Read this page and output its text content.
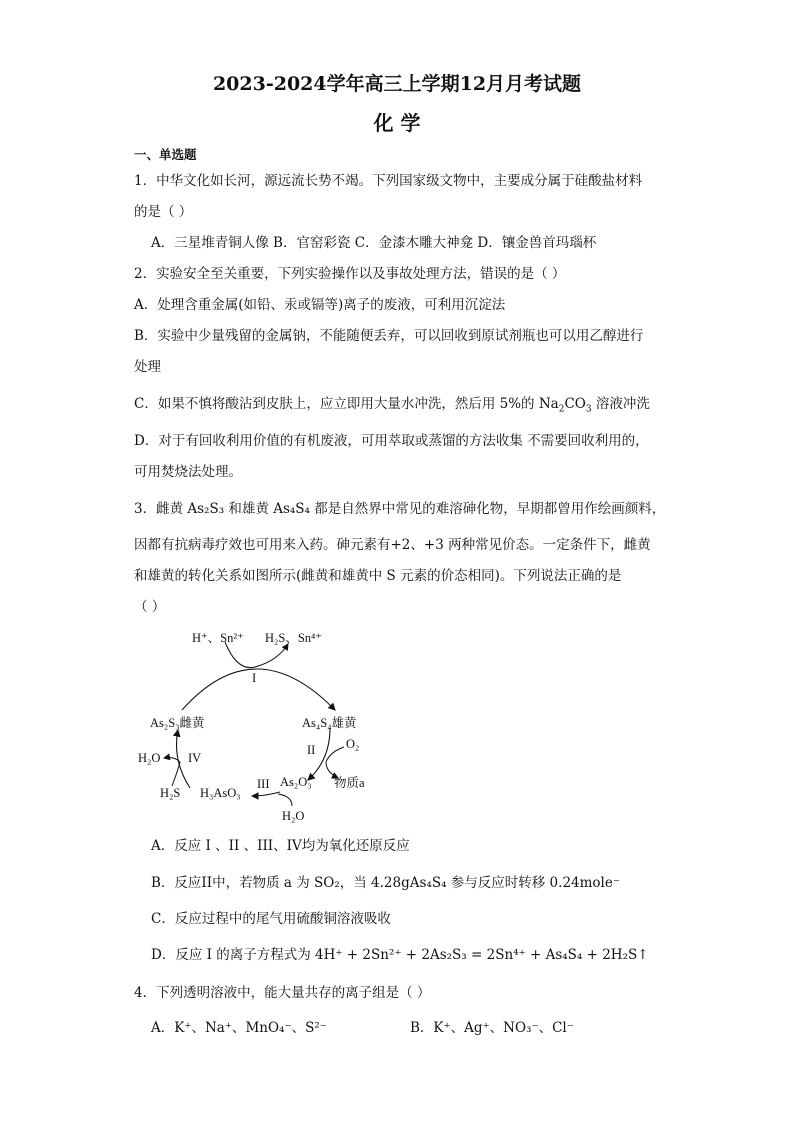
2023-2024学年高三上学期12月月考试题
化 学
一、单选题
1．中华文化如长河，源远流长势不竭。下列国家级文物中，主要成分属于硅酸盐材料
的是（ ）
A．三星堆青铜人像 B．官窑彩瓷 C．金漆木雕大神龛 D．镶金兽首玛瑙杯
2．实验安全至关重要，下列实验操作以及事故处理方法，错误的是（ ）
A．处理含重金属(如铅、汞或镉等)离子的废液，可利用沉淀法
B．实验中少量残留的金属钠，不能随便丢弃，可以回收到原试剂瓶也可以用乙醇进行
处理
C．如果不慎将酸沾到皮肤上，应立即用大量水冲洗，然后用 5%的 $Na_2CO_3$ 溶液冲洗
D．对于有回收利用价值的有机废液，可用萃取或蒸馏的方法收集 不需要回收利用的，
可用焚烧法处理。
3．雌黄 As₂S₃ 和雄黄 As₄S₄ 都是自然界中常见的难溶砷化物，早期都曾用作绘画颜料，
因都有抗病毒疗效也可用来入药。砷元素有+2、+3 两种常见价态。一定条件下，雌黄
和雄黄的转化关系如图所示(雌黄和雄黄中 S 元素的价态相同)。下列说法正确的是
（ ）
H⁺、Sn²⁺ H₂S、Sn⁴⁺
I
As₂S₃雌黄	As₄S₄雄黄
II O₂
IV
H₂O
As₂O₃ 物质a
III
H₂S H₃AsO₃
H₂O
A．反应 I 、II 、III、IV均为氧化还原反应
B．反应II中，若物质 a 为 SO₂，当 4.28gAs₄S₄ 参与反应时转移 0.24mole⁻
C．反应过程中的尾气用硫酸铜溶液吸收
D．反应 I 的离子方程式为 4H⁺ + 2Sn²⁺ + 2As₂S₃ = 2Sn⁴⁺ + As₄S₄ + 2H₂S↑
4．下列透明溶液中，能大量共存的离子组是（ ）
A．K⁺、Na⁺、MnO₄⁻、S²⁻	B．K⁺、Ag⁺、NO₃⁻、Cl⁻
